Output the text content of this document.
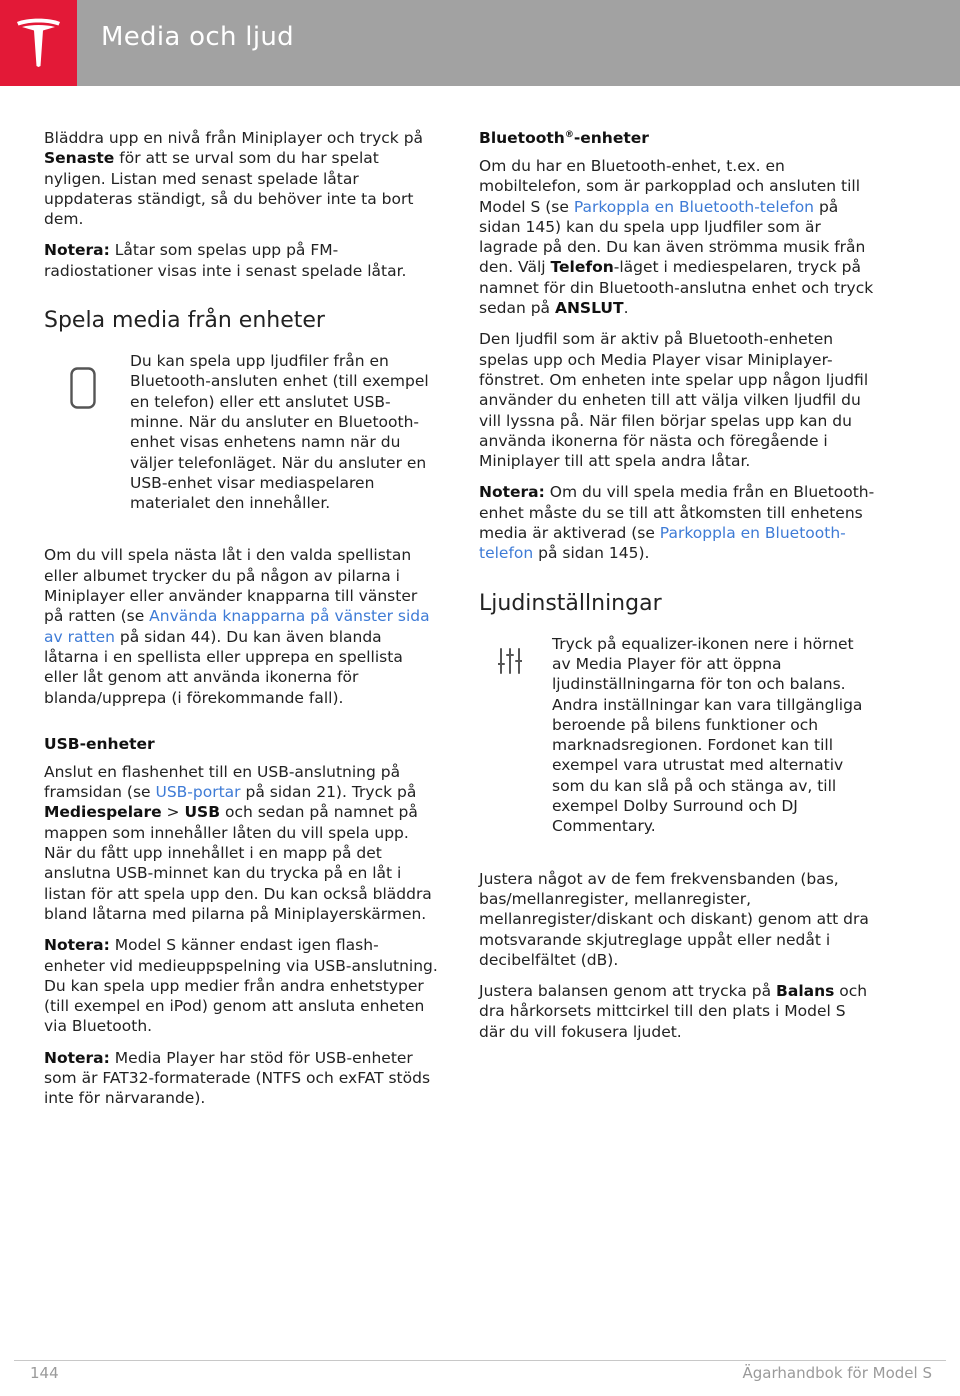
Media och ljud

Bläddra upp en nivå från Miniplayer och tryck på Senaste för att se urval som du har spelat nyligen. Listan med senast spelade låtar uppdateras ständigt, så du behöver inte ta bort dem.

Notera: Låtar som spelas upp på FM-radiostationer visas inte i senast spelade låtar.

Spela media från enheter
Du kan spela upp ljudfiler från en Bluetooth-ansluten enhet (till exempel en telefon) eller ett anslutet USB-minne. När du ansluter en Bluetooth-enhet visas enhetens namn när du väljer telefonläget. När du ansluter en USB-enhet visar mediaspelaren materialet den innehåller.

Om du vill spela nästa låt i den valda spellistan eller albumet trycker du på någon av pilarna i Miniplayer eller använder knapparna till vänster på ratten (se Använda knapparna på vänster sida av ratten på sidan 44). Du kan även blanda låtarna i en spellista eller upprepa en spellista eller låt genom att använda ikonerna för blanda/upprepa (i förekommande fall).

USB-enheter

Anslut en flashenhet till en USB-anslutning på framsidan (se USB-portar på sidan 21). Tryck på Mediespelare > USB och sedan på namnet på mappen som innehåller låten du vill spela upp. När du fått upp innehållet i en mapp på det anslutna USB-minnet kan du trycka på en låt i listan för att spela upp den. Du kan också bläddra bland låtarna med pilarna på Miniplayerskärmen.

Notera: Model S känner endast igen flash-enheter vid medieuppspelning via USB-anslutning. Du kan spela upp medier från andra enhetstyper (till exempel en iPod) genom att ansluta enheten via Bluetooth.

Notera: Media Player har stöd för USB-enheter som är FAT32-formaterade (NTFS och exFAT stöds inte för närvarande).

Bluetooth®-enheter

Om du har en Bluetooth-enhet, t.ex. en mobiltelefon, som är parkopplad och ansluten till Model S (se Parkoppla en Bluetooth-telefon på sidan 145) kan du spela upp ljudfiler som är lagrade på den. Du kan även strömma musik från den. Välj Telefon-läget i mediespelaren, tryck på namnet för din Bluetooth-anslutna enhet och tryck sedan på ANSLUT.

Den ljudfil som är aktiv på Bluetooth-enheten spelas upp och Media Player visar Miniplayer-fönstret. Om enheten inte spelar upp någon ljudfil använder du enheten till att välja vilken ljudfil du vill lyssna på. När filen börjar spelas upp kan du använda ikonerna för nästa och föregående i Miniplayer till att spela andra låtar.

Notera: Om du vill spela media från en Bluetooth-enhet måste du se till att åtkomsten till enhetens media är aktiverad (se Parkoppla en Bluetooth-telefon på sidan 145).

Ljudinställningar
Tryck på equalizer-ikonen nere i hörnet av Media Player för att öppna ljudinställningarna för ton och balans. Andra inställningar kan vara tillgängliga beroende på bilens funktioner och marknadsregionen. Fordonet kan till exempel vara utrustat med alternativ som du kan slå på och stänga av, till exempel Dolby Surround och DJ Commentary.

Justera något av de fem frekvensbanden (bas, bas/mellanregister, mellanregister, mellanregister/diskant och diskant) genom att dra motsvarande skjutreglage uppåt eller nedåt i decibelfältet (dB).

Justera balansen genom att trycka på Balans och dra hårkorsets mittcirkel till den plats i Model S där du vill fokusera ljudet.

144	Ägarhandbok för Model S
